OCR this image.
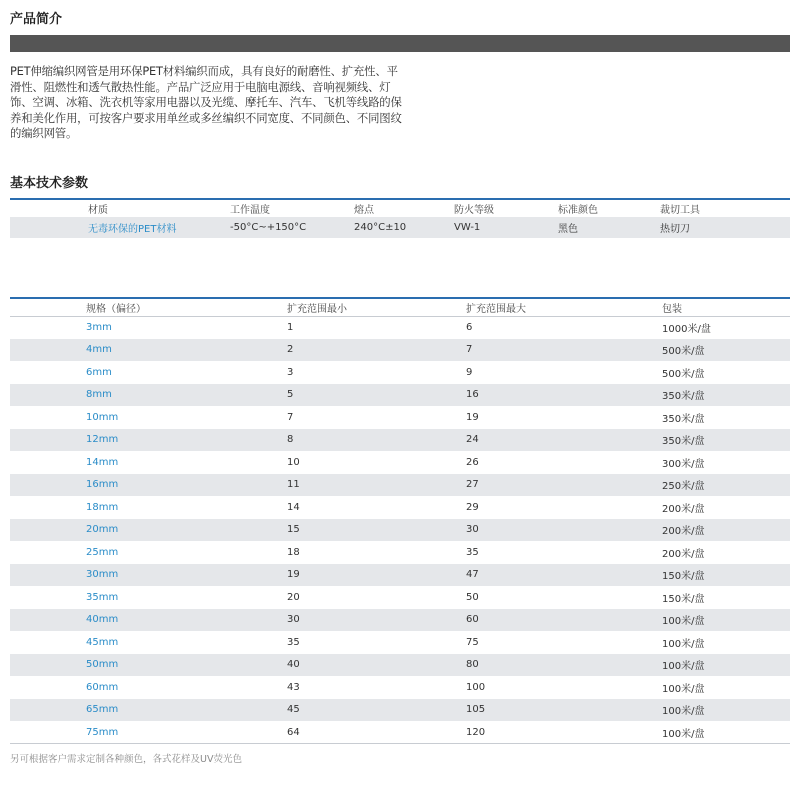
产品简介
PET伸缩编织网管是用环保PET材料编织而成，具有良好的耐磨性、扩充性、平滑性、阻燃性和透气散热性能。产品广泛应用于电脑电源线、音响视频线、灯饰、空调、冰箱、洗衣机等家用电器以及光缆、摩托车、汽车、飞机等线路的保养和美化作用，可按客户要求用单丝或多丝编织不同宽度、不同颜色、不同图纹的编织网管。
基本技术参数
	材质	工作温度	熔点	防火等级	标准颜色	裁切工具
	无毒环保的PET材料	-50°C~+150°C	240°C±10	VW-1	黑色	热切刀
	规格（偏径）	扩充范围最小	扩充范围最大	包装
	3mm	1	6	1000米/盘
	4mm	2	7	500米/盘
	6mm	3	9	500米/盘
	8mm	5	16	350米/盘
	10mm	7	19	350米/盘
	12mm	8	24	350米/盘
	14mm	10	26	300米/盘
	16mm	11	27	250米/盘
	18mm	14	29	200米/盘
	20mm	15	30	200米/盘
	25mm	18	35	200米/盘
	30mm	19	47	150米/盘
	35mm	20	50	150米/盘
	40mm	30	60	100米/盘
	45mm	35	75	100米/盘
	50mm	40	80	100米/盘
	60mm	43	100	100米/盘
	65mm	45	105	100米/盘
	75mm	64	120	100米/盘
另可根据客户需求定制各种颜色，各式花样及UV荧光色
